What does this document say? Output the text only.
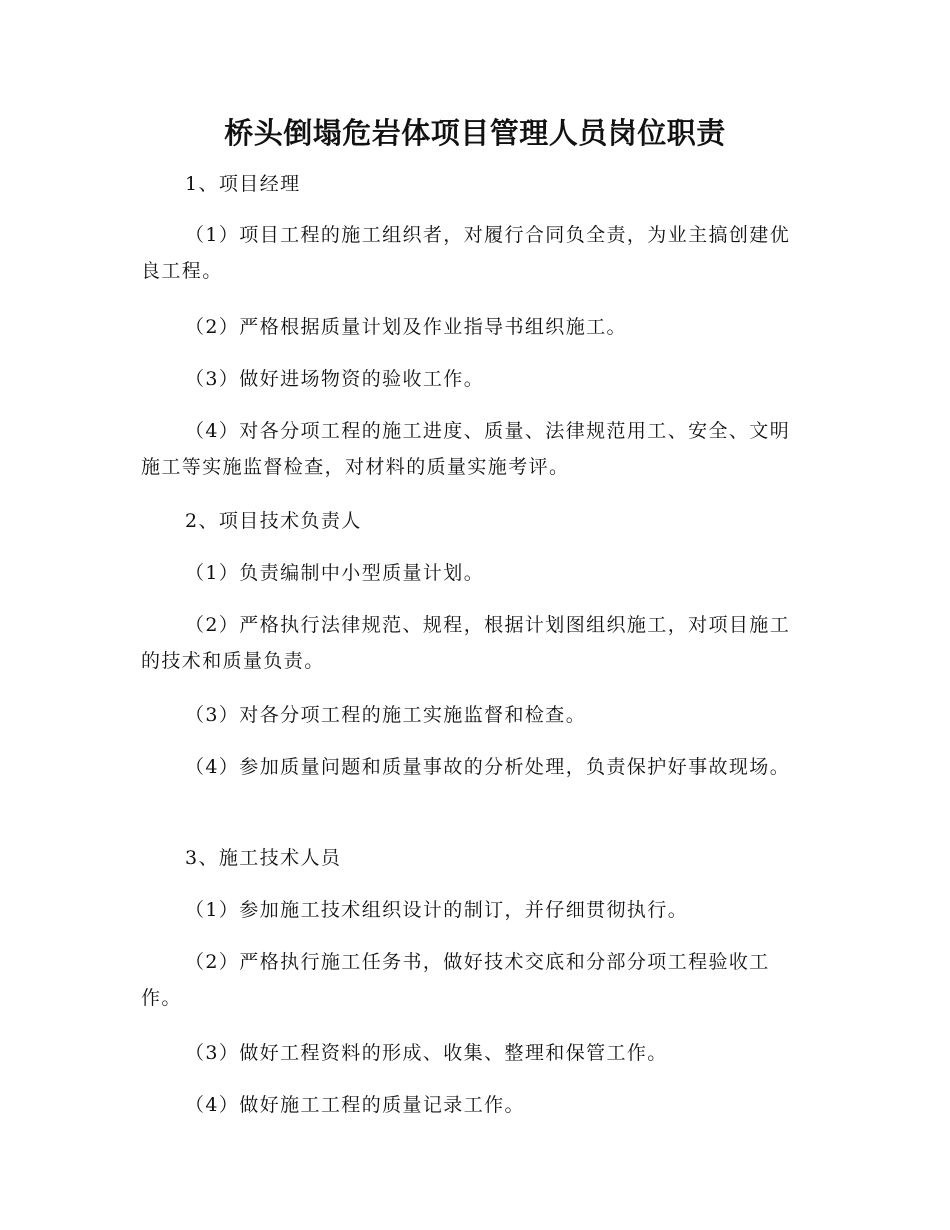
桥头倒塌危岩体项目管理人员岗位职责

1、项目经理

（1）项目工程的施工组织者，对履行合同负全责，为业主搞创建优良工程。

（2）严格根据质量计划及作业指导书组织施工。

（3）做好进场物资的验收工作。

（4）对各分项工程的施工进度、质量、法律规范用工、安全、文明施工等实施监督检查，对材料的质量实施考评。

2、项目技术负责人

（1）负责编制中小型质量计划。

（2）严格执行法律规范、规程，根据计划图组织施工，对项目施工的技术和质量负责。

（3）对各分项工程的施工实施监督和检查。

（4）参加质量问题和质量事故的分析处理，负责保护好事故现场。

3、施工技术人员

（1）参加施工技术组织设计的制订，并仔细贯彻执行。

（2）严格执行施工任务书，做好技术交底和分部分项工程验收工作。

（3）做好工程资料的形成、收集、整理和保管工作。

（4）做好施工工程的质量记录工作。
